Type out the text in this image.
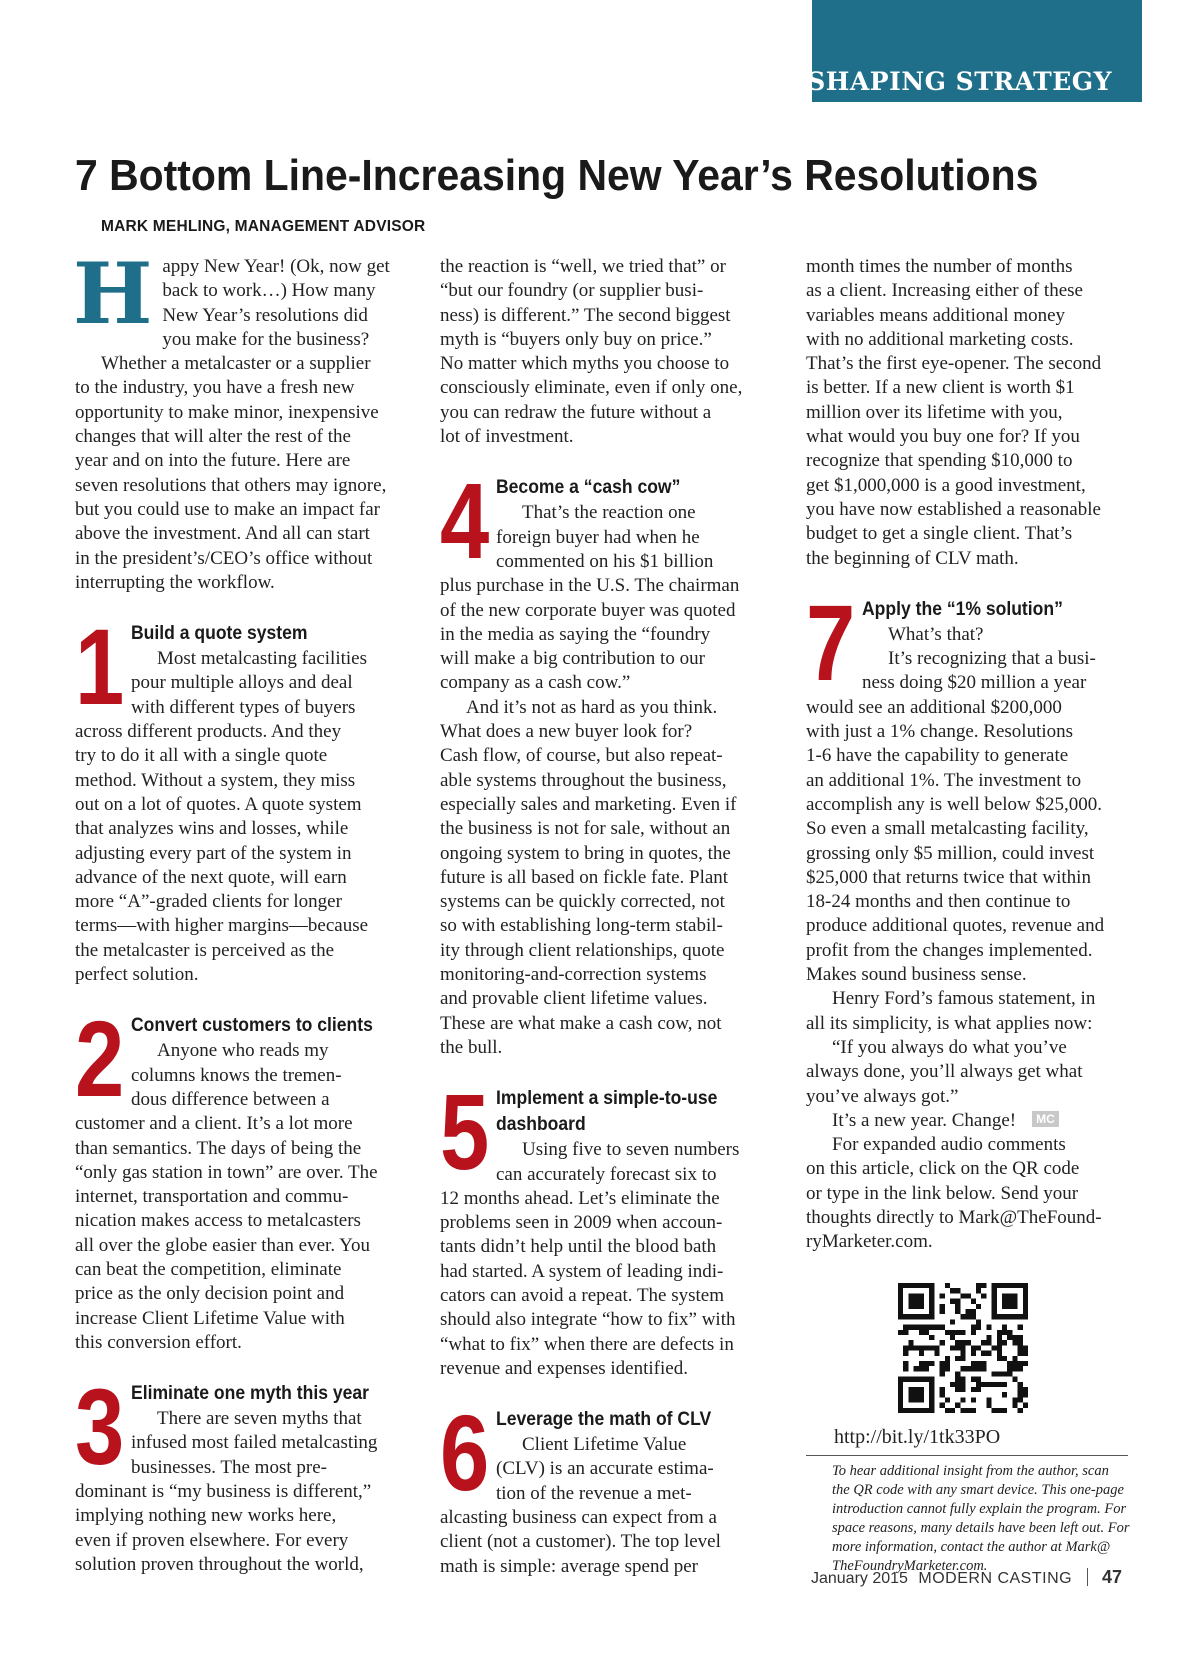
SHAPING STRATEGY
7 Bottom Line-Increasing New Year’s Resolutions

MARK MEHLING, MANAGEMENT ADVISOR

H appy New Year! (Ok, now get

back to work…) How many

New Year’s resolutions did

you make for the business?

Whether a metalcaster or a supplier

to the industry, you have a fresh new

opportunity to make minor, inexpensive

changes that will alter the rest of the

year and on into the future. Here are

seven resolutions that others may ignore,

but you could use to make an impact far

above the investment. And all can start

in the president’s/CEO’s office without

interrupting the workflow.

1 Build a quote system

Most metalcasting facilities

pour multiple alloys and deal

with different types of buyers

across different products. And they

try to do it all with a single quote

method. Without a system, they miss

out on a lot of quotes. A quote system

that analyzes wins and losses, while

adjusting every part of the system in

advance of the next quote, will earn

more “A”-graded clients for longer

terms—with higher margins—because

the metalcaster is perceived as the

perfect solution.

2 Convert customers to clients

Anyone who reads my

columns knows the tremen-

dous difference between a

customer and a client. It’s a lot more

than semantics. The days of being the

“only gas station in town” are over. The

internet, transportation and commu-

nication makes access to metalcasters

all over the globe easier than ever. You

can beat the competition, eliminate

price as the only decision point and

increase Client Lifetime Value with

this conversion effort.

3 Eliminate one myth this year

There are seven myths that

infused most failed metalcasting

businesses. The most pre-

dominant is “my business is different,”

implying nothing new works here,

even if proven elsewhere. For every

solution proven throughout the world,

the reaction is “well, we tried that” or

“but our foundry (or supplier busi-

ness) is different.” The second biggest

myth is “buyers only buy on price.”

No matter which myths you choose to

consciously eliminate, even if only one,

you can redraw the future without a

lot of investment.

4 Become a “cash cow”

That’s the reaction one

foreign buyer had when he

commented on his $1 billion

plus purchase in the U.S. The chairman

of the new corporate buyer was quoted

in the media as saying the “foundry

will make a big contribution to our

company as a cash cow.”

And it’s not as hard as you think.

What does a new buyer look for?

Cash flow, of course, but also repeat-

able systems throughout the business,

especially sales and marketing. Even if

the business is not for sale, without an

ongoing system to bring in quotes, the

future is all based on fickle fate. Plant

systems can be quickly corrected, not

so with establishing long-term stabil-

ity through client relationships, quote

monitoring-and-correction systems

and provable client lifetime values.

These are what make a cash cow, not

the bull.

5 Implement a simple-to-use
dashboard

Using five to seven numbers

can accurately forecast six to

12 months ahead. Let’s eliminate the

problems seen in 2009 when accoun-

tants didn’t help until the blood bath

had started. A system of leading indi-

cators can avoid a repeat. The system

should also integrate “how to fix” with

“what to fix” when there are defects in

revenue and expenses identified.

6 Leverage the math of CLV

Client Lifetime Value

(CLV) is an accurate estima-

tion of the revenue a met-

alcasting business can expect from a

client (not a customer). The top level

math is simple: average spend per

month times the number of months

as a client. Increasing either of these

variables means additional money

with no additional marketing costs.

That’s the first eye-opener. The second

is better. If a new client is worth $1

million over its lifetime with you,

what would you buy one for? If you

recognize that spending $10,000 to

get $1,000,000 is a good investment,

you have now established a reasonable

budget to get a single client. That’s

the beginning of CLV math.

7 Apply the “1% solution”

What’s that?

It’s recognizing that a busi-

ness doing $20 million a year

would see an additional $200,000

with just a 1% change. Resolutions

1-6 have the capability to generate

an additional 1%. The investment to

accomplish any is well below $25,000.

So even a small metalcasting facility,

grossing only $5 million, could invest

$25,000 that returns twice that within

18-24 months and then continue to

produce additional quotes, revenue and

profit from the changes implemented.

Makes sound business sense.

Henry Ford’s famous statement, in

all its simplicity, is what applies now:

“If you always do what you’ve

always done, you’ll always get what

you’ve always got.”

It’s a new year. Change! MC

For expanded audio comments

on this article, click on the QR code

or type in the link below. Send your

thoughts directly to Mark@TheFound-

ryMarketer.com.

http://bit.ly/1tk33PO

To hear additional insight from the author, scan

the QR code with any smart device. This one-page

introduction cannot fully explain the program. For

space reasons, many details have been left out. For

more information, contact the author at Mark@

TheFoundryMarketer.com.

January 2015 MODERN CASTING 47
